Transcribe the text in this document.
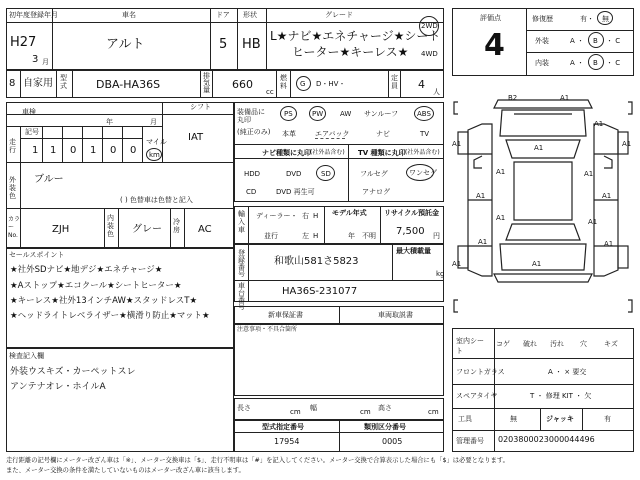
初年度登録年月
H27
3 月
車名
アルト
ドア
5
形状
HB
グレード
L★ナビ★エネチャージ★シート
ヒーター★キーレス★
2WD
4WD
8 自家用 型式	DBA-HA36S
排気量 660
cc
燃料 G D・HV・
定員 4
人
評価点
4
修復歴	有・ 無
外装	A ・ B ・ C
内装	A ・ B ・ C
シフト
IAT
車検
年	月
走行
記号
1 1 0 1 0 0
マイル
km
外装色
ブルー
( ) 色替車は色替と記入
カラー No.
ZJH
内装色 グレー
冷房 AC
装備品に丸印
(純正のみ)
PS	PW AW サンルーフ	ABS
本革	エアバック	ナビ	TV
ナビ種類に丸印 (社外品含む) TV 種類に丸印 (社外品含む)
HDD	DVD	SD
CD	DVD 再生可
フルセグ	ワンセグ
アナログ
輸入車
ディーラー・
並行
右 H
左 H
モデル年式
年 不明
リサイクル預託金
7,500 円
登録番号
和歌山581さ5823
最大積載量
kg
車台番号
HA36S-231077
セールスポイント
★社外SDナビ★地デジ★エネチャージ★
★Aストップ★エコクール★シートヒーター★
★キーレス★社外13インチAW★スタッドレスT★
★ヘッドライトレベライザー★横滑り防止★マット★
検査記入欄
外装ウスキズ・カーペットスレ
アンテナオレ・ホイルA
新車保証書	車両取説書
注意事項・不具合箇所
長さ	cm 幅	cm 高さ	cm
型式指定番号
17954
類別区分番号
0005
B2	A1
A1	A1
A1
A1
A1	A1
A1	A1
A1	A1
A1	A1
A1	A1
室内シート
コゲ 破れ 汚れ 穴 キズ
フロントガラス	A ・ × 要交
スペアタイヤ	T ・ 修理 KIT ・ 欠
工具	無	ジャッキ	有
管理番号 0203800023000044496
走行距離の記号欄にメーター改ざん車は「※」、メーター交換車は「$」、走行不明車は「#」を記入してください。メーター交換で合算表示した場合にも「$」は必要となります。
また、メーター交換の条件を満たしていないものはメーター改ざん車に該当します。
